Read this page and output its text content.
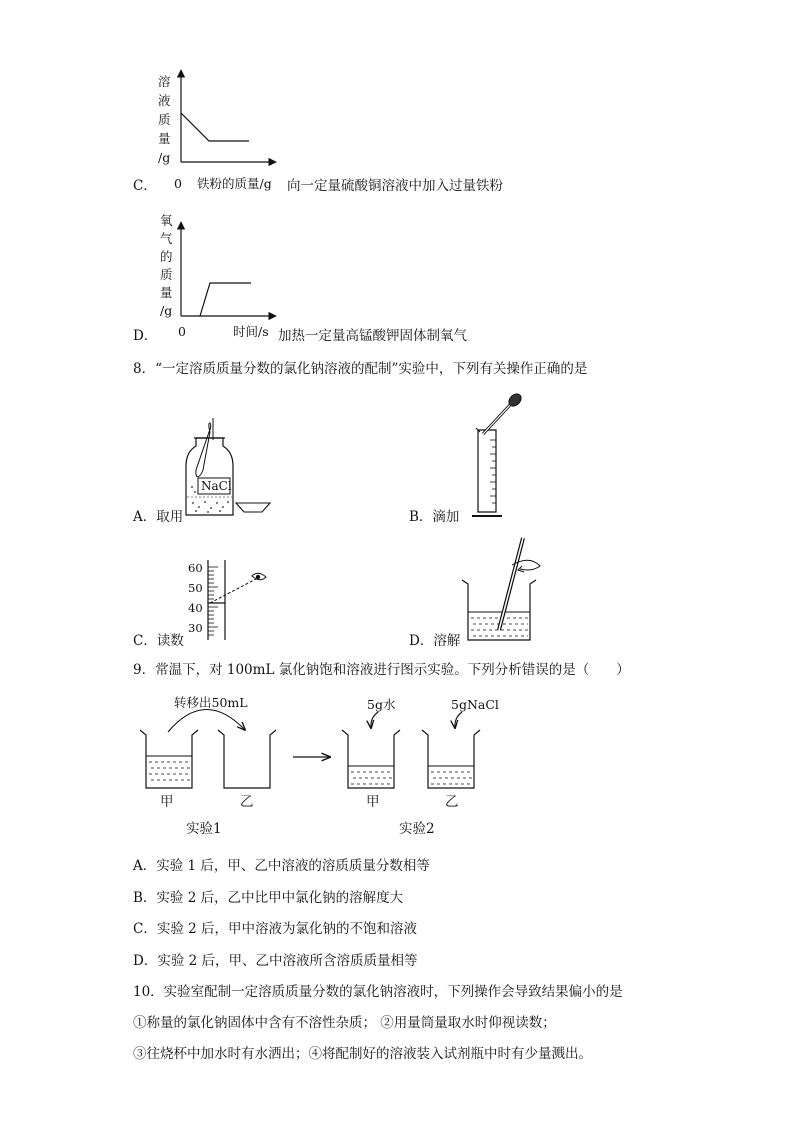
溶
液
质
量
/g
C． 0 铁粉的质量/g 向一定量硫酸铜溶液中加入过量铁粉
氧
气
的
质
量
/g
D． 0	时间/s 加热一定量高锰酸钾固体制氧气
8．“一定溶质质量分数的氯化钠溶液的配制”实验中，下列有关操作正确的是
NaCl
A．取用	B．滴加
60
50
40
30
C．读数	D．溶解
9．常温下，对 100mL 氯化钠饱和溶液进行图示实验。下列分析错误的是（　　）
转移出50mL	5g水	5gNaCl
甲	乙	甲	乙
实验1	实验2
A．实验 1 后，甲、乙中溶液的溶质质量分数相等
B．实验 2 后，乙中比甲中氯化钠的溶解度大
C．实验 2 后，甲中溶液为氯化钠的不饱和溶液
D．实验 2 后，甲、乙中溶液所含溶质质量相等
10．实验室配制一定溶质质量分数的氯化钠溶液时，下列操作会导致结果偏小的是
①称量的氯化钠固体中含有不溶性杂质； ②用量筒量取水时仰视读数；
③往烧杯中加水时有水洒出；④将配制好的溶液装入试剂瓶中时有少量溅出。
